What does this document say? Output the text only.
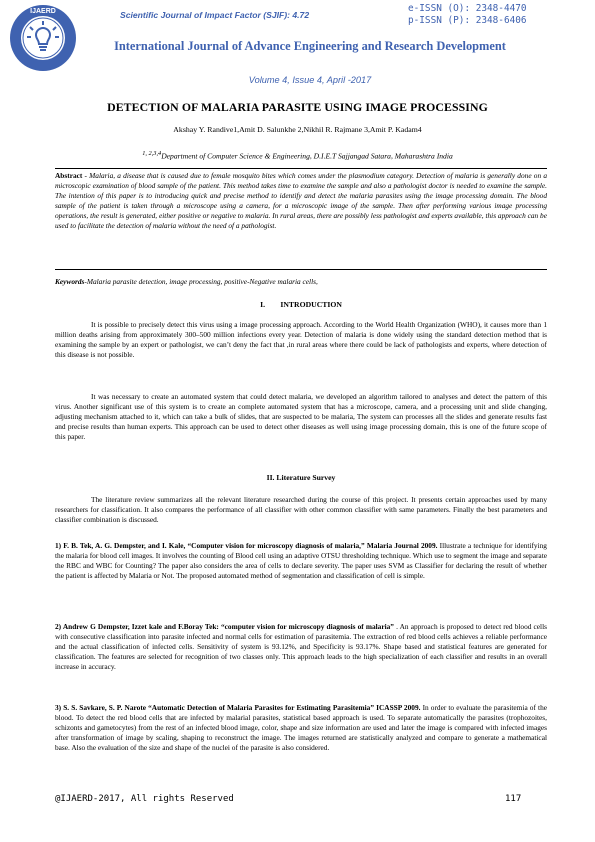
IJAERD	Scientific Journal of Impact Factor (SJIF): 4.72
e-ISSN (O): 2348-4470
p-ISSN (P): 2348-6406
International Journal of Advance Engineering and Research Development
Volume 4, Issue 4, April -2017
DETECTION OF MALARIA PARASITE USING IMAGE PROCESSING
Akshay Y. Randive1,Amit D. Salunkhe 2,Nikhil R. Rajmane 3,Amit P. Kadam4
$^{1, 2,3,4}$Department of Computer Science & Engineering, D.I.E.T Sajjangad Satara, Maharashtra India
Abstract - Malaria, a disease that is caused due to female mosquito bites which comes under the plasmodium category. Detection of malaria is generally done on a microscopic examination of blood sample of the patient. This method takes time to examine the sample and also a pathologist doctor is needed to examine the sample. The intention of this paper is to introducing quick and precise method to identify and detect the malaria parasites using the image processing domain. The blood sample of the patient is taken through a microscope using a camera, for a microscopic image of the sample. Then after performing various image processing operations, the result is generated, either positive or negative to malaria. In rural areas, there are possibly less pathologist and experts available, this approach can be used to facilitate the detection of malaria without the need of a pathologist.
Keywords-Malaria parasite detection, image processing, positive-Negative malaria cells,
I.        INTRODUCTION
It is possible to precisely detect this virus using a image processing approach. According to the World Health Organization (WHO), it causes more than 1 million deaths arising from approximately 300–500 million infections every year. Detection of malaria is done widely using the standard detection method that is examining the sample by an expert or pathologist, we can’t deny the fact that ,in rural areas where there could be lack of pathologists and experts, where detection of this disease is not possible.
It was necessary to create an automated system that could detect malaria, we developed an algorithm tailored to analyses and detect the pattern of this virus. Another significant use of this system is to create an complete automated system that has a microscope, camera, and a processing unit and slide changing, adjusting mechanism attached to it, which can take a bulk of slides, that are suspected to be malaria, The system can processes all the slides and generate results fast and precise results than human experts. This approach can be used to detect other diseases as well using image processing domain, this is one of the future scope of this paper.
II. Literature Survey
The literature review summarizes all the relevant literature researched during the course of this project. It presents certain approaches used by many researchers for classification. It also compares the performance of all classifier with other common classifier with same parameters. Finally the best parameters and classifier combination is discussed.
1) F. B. Tek, A. G. Dempster, and I. Kale, “Computer vision for microscopy diagnosis of malaria,” Malaria Journal 2009. Illustrate a technique for identifying the malaria for blood cell images. It involves the counting of Blood cell using an adaptive OTSU thresholding technique. Which use to segment the image and separate the RBC and WBC for Counting? The paper also considers the area of cells to declare severity. The paper uses SVM as Classifier for declaring the result of whether the patient is affected by Malaria or Not. The proposed automated method of segmentation and classification of cell is simple.
2) Andrew G Dempster, Izzet kale and F.Boray Tek: “computer vision for microscopy diagnosis of malaria” . An approach is proposed to detect red blood cells with consecutive classification into parasite infected and normal cells for estimation of parasitemia. The extraction of red blood cells achieves a reliable performance and the actual classification of infected cells. Sensitivity of system is 93.12%, and Specificity is 93.17%. Shape based and statistical features are generated for classification. The features are selected for recognition of two classes only. This approach leads to the high specialization of each classifier and results in an overall increase in accuracy.
3) S. S. Savkare, S. P. Narote “Automatic Detection of Malaria Parasites for Estimating Parasitemia” ICASSP 2009. In order to evaluate the parasitemia of the blood. To detect the red blood cells that are infected by malarial parasites, statistical based approach is used. To separate automatically the parasites (trophozoites, schizonts and gametocytes) from the rest of an infected blood image, color, shape and size information are used and later the image is compared with infected images after transformation of image by scaling, shaping to reconstruct the image. The images returned are statistically analyzed and compare to generate a mathematical base. Also the evaluation of the size and shape of the nuclei of the parasite is also considered.
@IJAERD-2017, All rights Reserved	117
